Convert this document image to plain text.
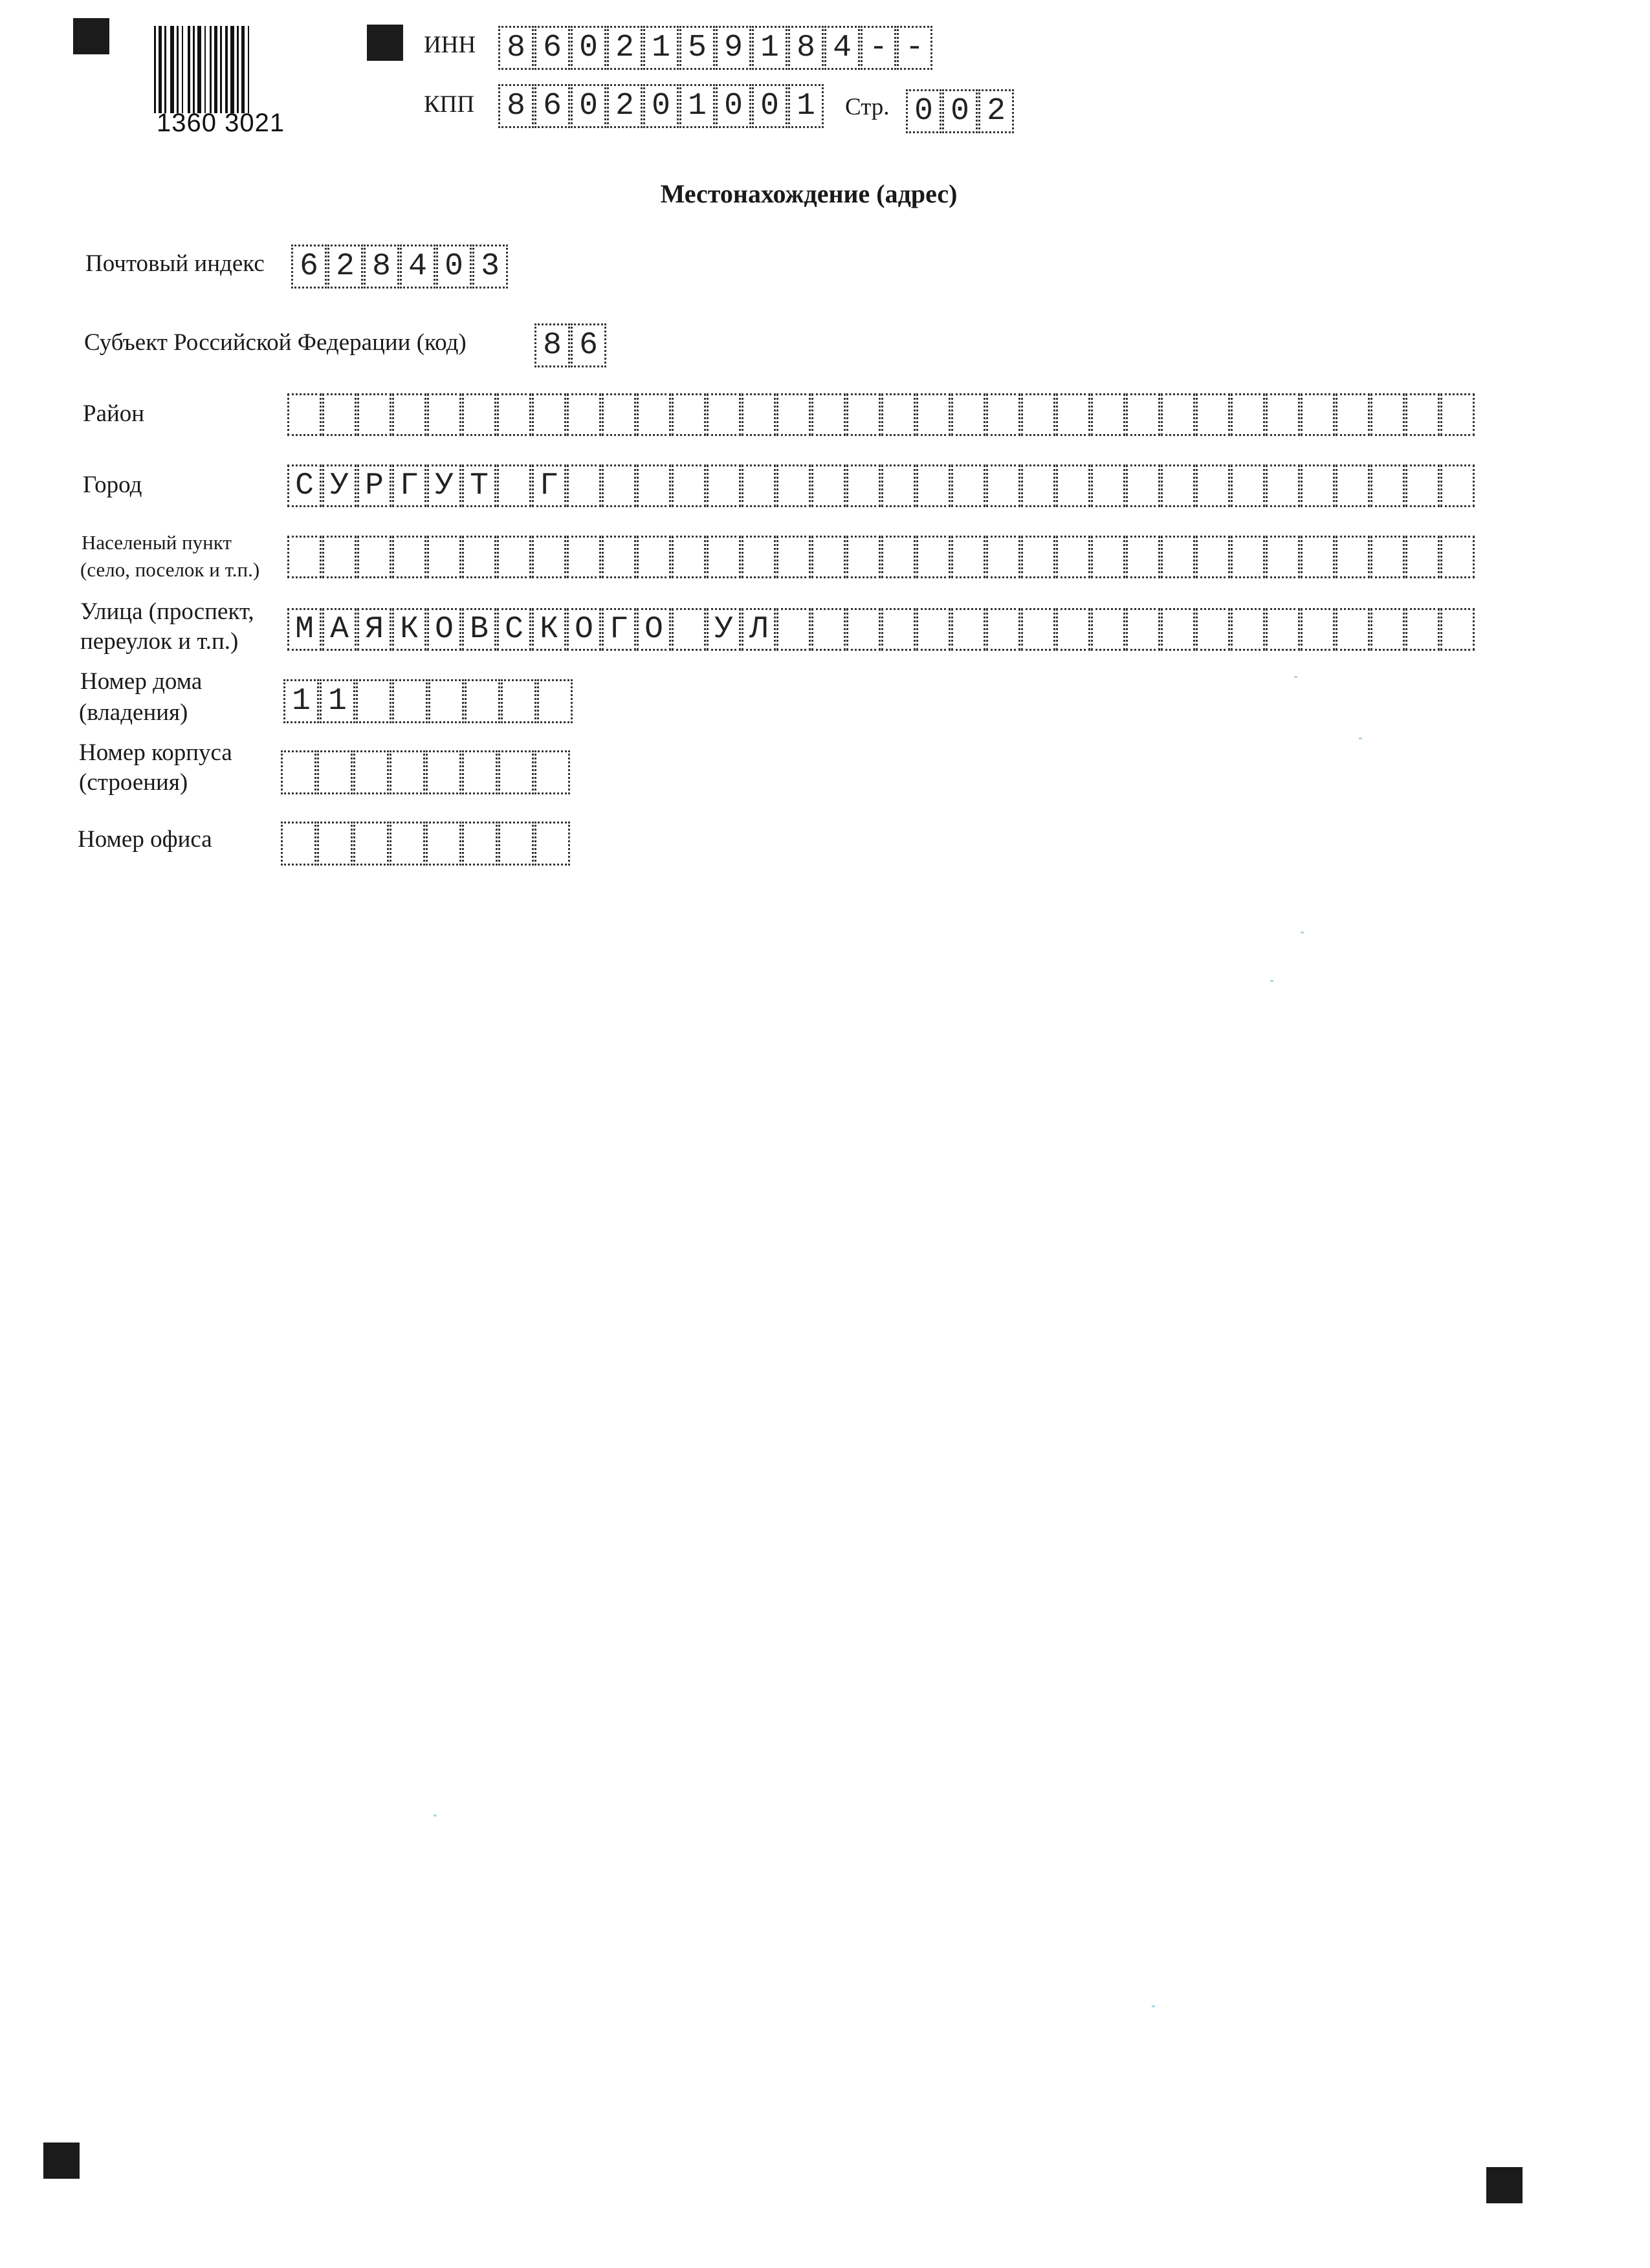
1360 3021
ИНН 8 6 0 2 1 5 9 1 8 4 - -
КПП 8 6 0 2 0 1 0 0 1	Стр. 0 0 2
Местонахождение (адрес)
Почтовый индекс 6 2 8 4 0 3
Субъект Российской Федерации (код) 8 6
Район
Город	С У Р Г У Т Г
Населеный пункт
(село, поселок и т.п.)
Улица (проспект,
переулок и т.п.) М А Я К О В С К О Г О У Л
Номер дома
(владения)	1 1
Номер корпуса
(строения)
Номер офиса
